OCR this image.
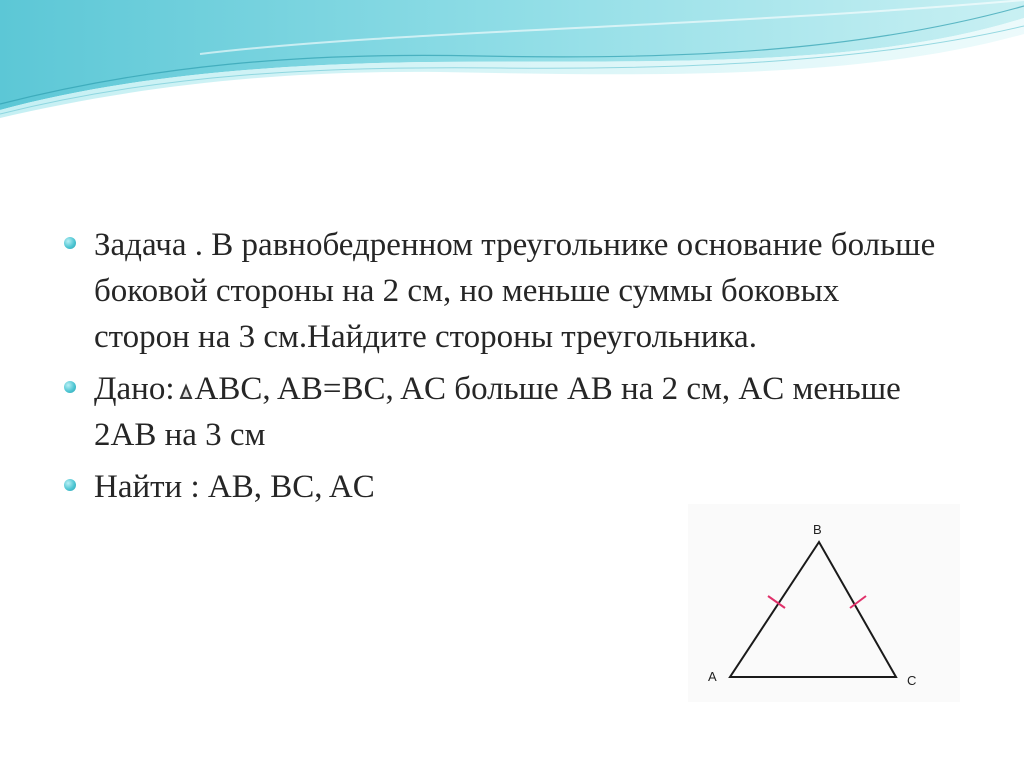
Задача . В равнобедренном треугольнике основание больше боковой стороны на 2 см, но меньше суммы боковых сторон на 3 см.Найдите стороны треугольника.
Дано: ABC, AB=BC, AC больше AB на 2 см, AC меньше 2AB на 3 см
Найти : AB, BC, AC
B
A	C
